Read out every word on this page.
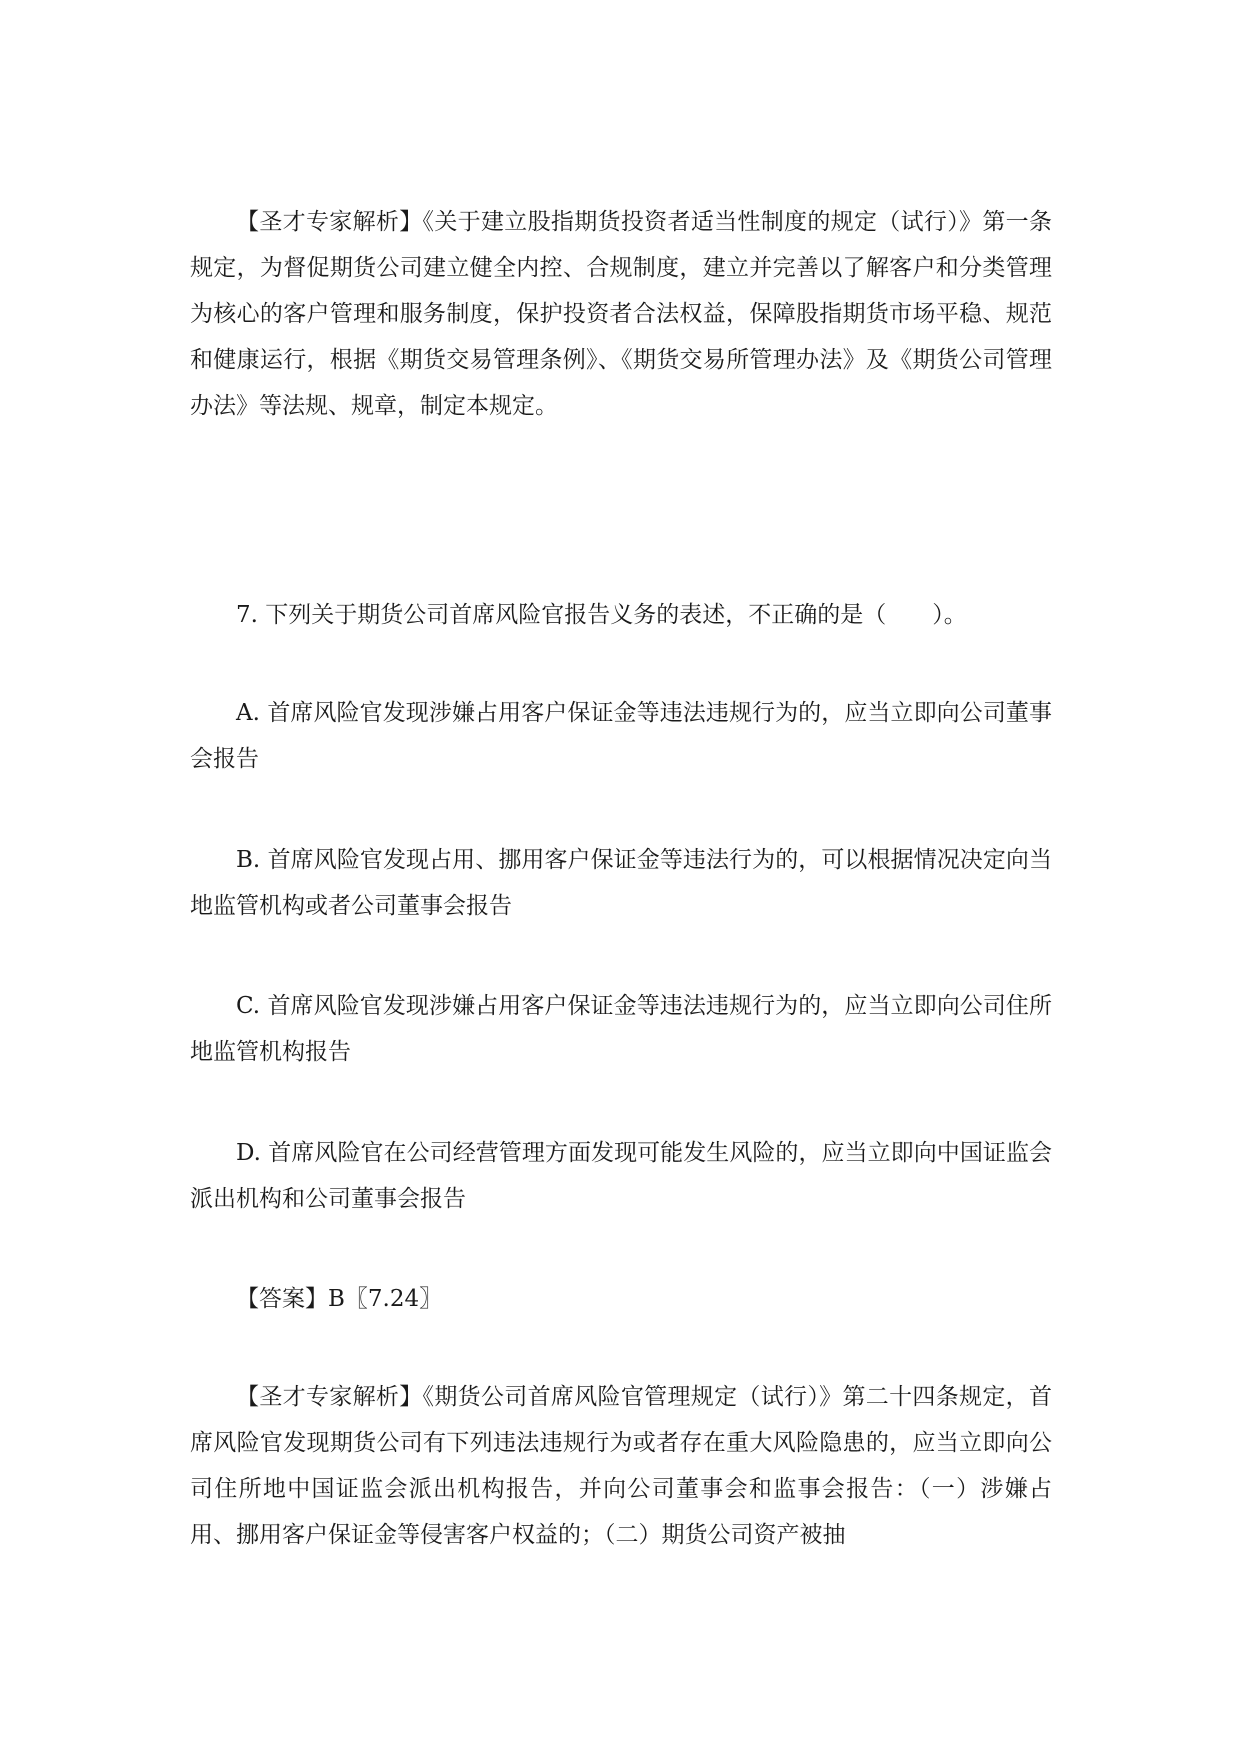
【圣才专家解析】《关于建立股指期货投资者适当性制度的规定（试行）》第一条规定，为督促期货公司建立健全内控、合规制度，建立并完善以了解客户和分类管理为核心的客户管理和服务制度，保护投资者合法权益，保障股指期货市场平稳、规范和健康运行，根据《期货交易管理条例》、《期货交易所管理办法》及《期货公司管理办法》等法规、规章，制定本规定。

7. 下列关于期货公司首席风险官报告义务的表述，不正确的是（　　）。

A. 首席风险官发现涉嫌占用客户保证金等违法违规行为的，应当立即向公司董事会报告

B. 首席风险官发现占用、挪用客户保证金等违法行为的，可以根据情况决定向当地监管机构或者公司董事会报告

C. 首席风险官发现涉嫌占用客户保证金等违法违规行为的，应当立即向公司住所地监管机构报告

D. 首席风险官在公司经营管理方面发现可能发生风险的，应当立即向中国证监会派出机构和公司董事会报告

【答案】B〖7.24〗

【圣才专家解析】《期货公司首席风险官管理规定（试行）》第二十四条规定，首席风险官发现期货公司有下列违法违规行为或者存在重大风险隐患的，应当立即向公司住所地中国证监会派出机构报告，并向公司董事会和监事会报告：（一）涉嫌占用、挪用客户保证金等侵害客户权益的；（二）期货公司资产被抽
